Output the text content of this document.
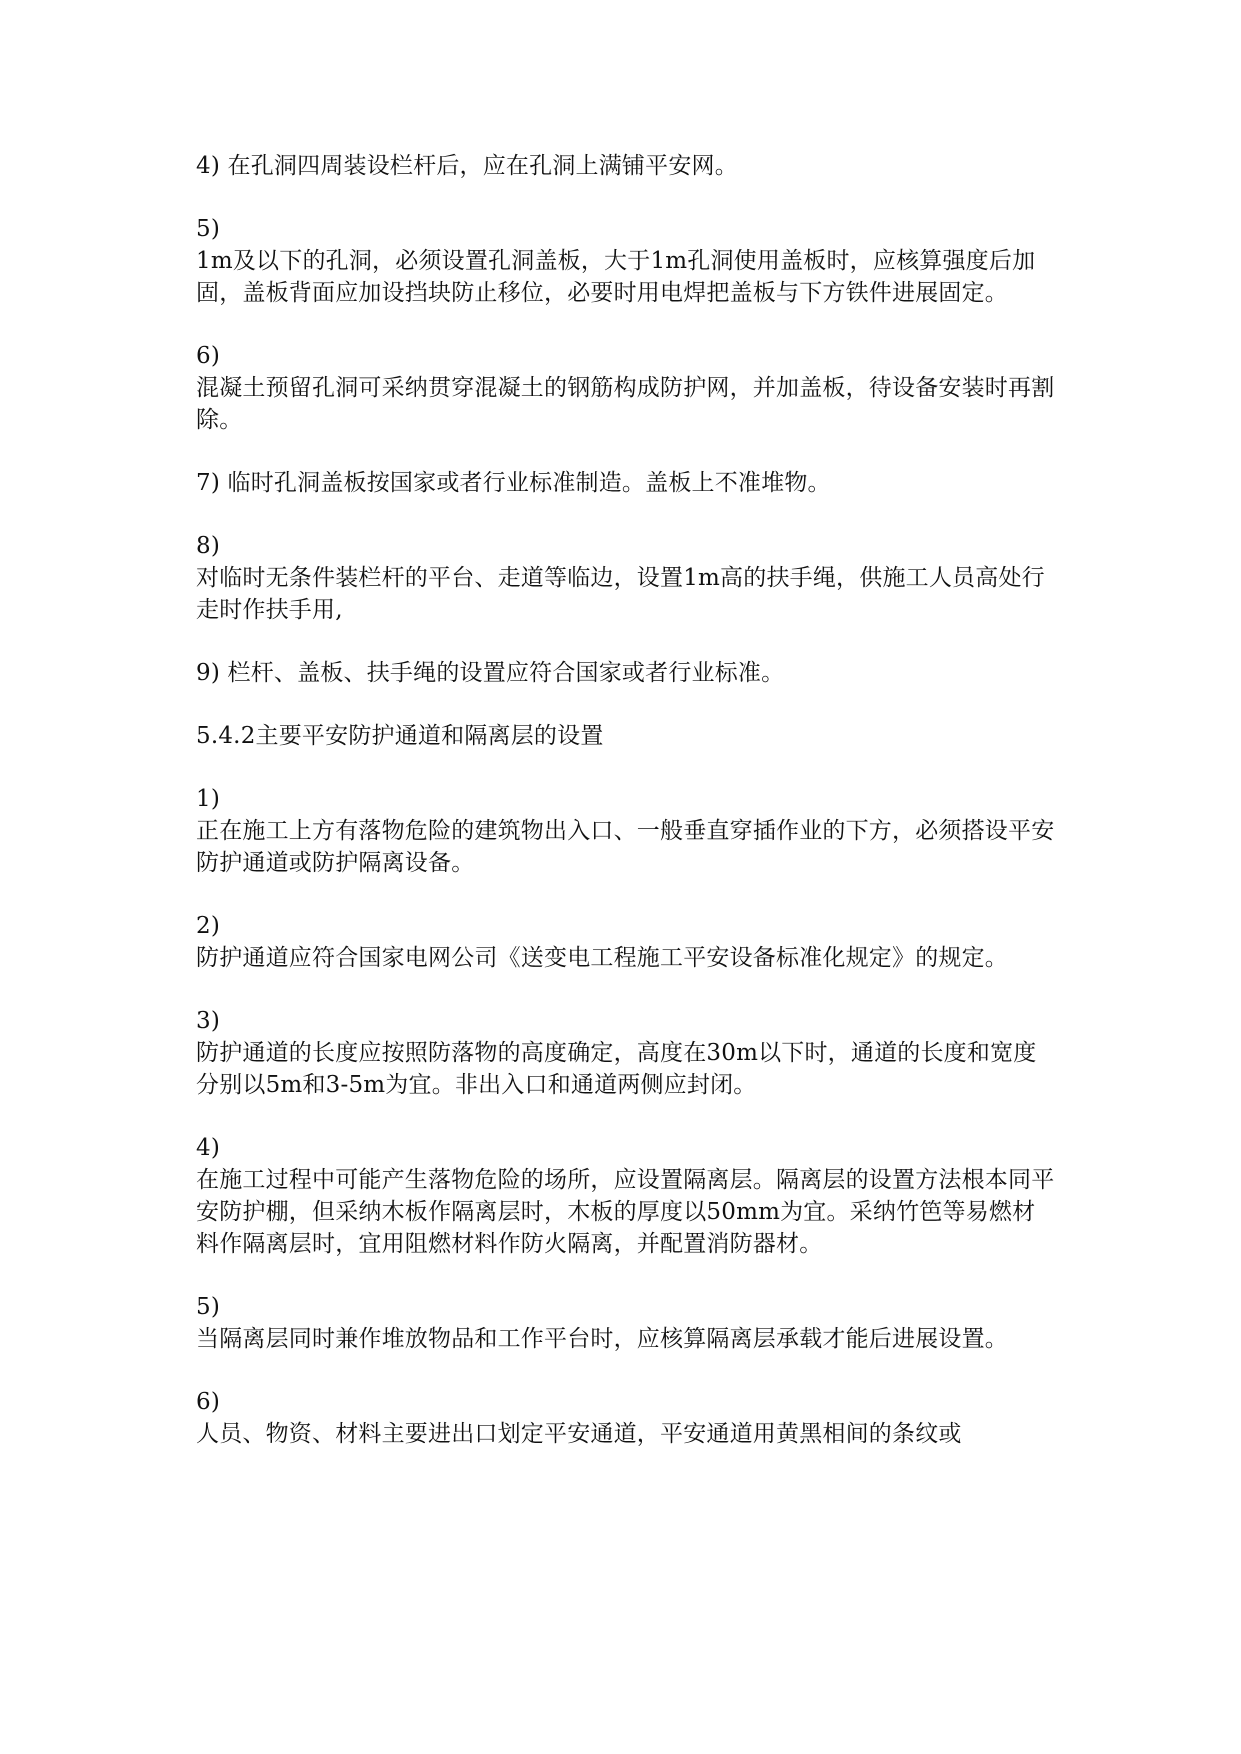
4) 在孔洞四周装设栏杆后，应在孔洞上满铺平安网。

5)
1m及以下的孔洞，必须设置孔洞盖板，大于1m孔洞使用盖板时，应核算强度后加固，盖板背面应加设挡块防止移位，必要时用电焊把盖板与下方铁件进展固定。

6)
混凝土预留孔洞可采纳贯穿混凝土的钢筋构成防护网，并加盖板，待设备安装时再割除。

7) 临时孔洞盖板按国家或者行业标准制造。盖板上不准堆物。

8)
对临时无条件装栏杆的平台、走道等临边，设置1m高的扶手绳，供施工人员高处行走时作扶手用,

9) 栏杆、盖板、扶手绳的设置应符合国家或者行业标准。

5.4.2主要平安防护通道和隔离层的设置

1)
正在施工上方有落物危险的建筑物出入口、一般垂直穿插作业的下方，必须搭设平安防护通道或防护隔离设备。

2)
防护通道应符合国家电网公司《送变电工程施工平安设备标准化规定》的规定。

3)
防护通道的长度应按照防落物的高度确定，高度在30m以下时，通道的长度和宽度分别以5m和3-5m为宜。非出入口和通道两侧应封闭。

4)
在施工过程中可能产生落物危险的场所，应设置隔离层。隔离层的设置方法根本同平安防护棚，但采纳木板作隔离层时，木板的厚度以50mm为宜。采纳竹笆等易燃材料作隔离层时，宜用阻燃材料作防火隔离，并配置消防器材。

5)
当隔离层同时兼作堆放物品和工作平台时，应核算隔离层承载才能后进展设置。

6)
人员、物资、材料主要进出口划定平安通道，平安通道用黄黑相间的条纹或
